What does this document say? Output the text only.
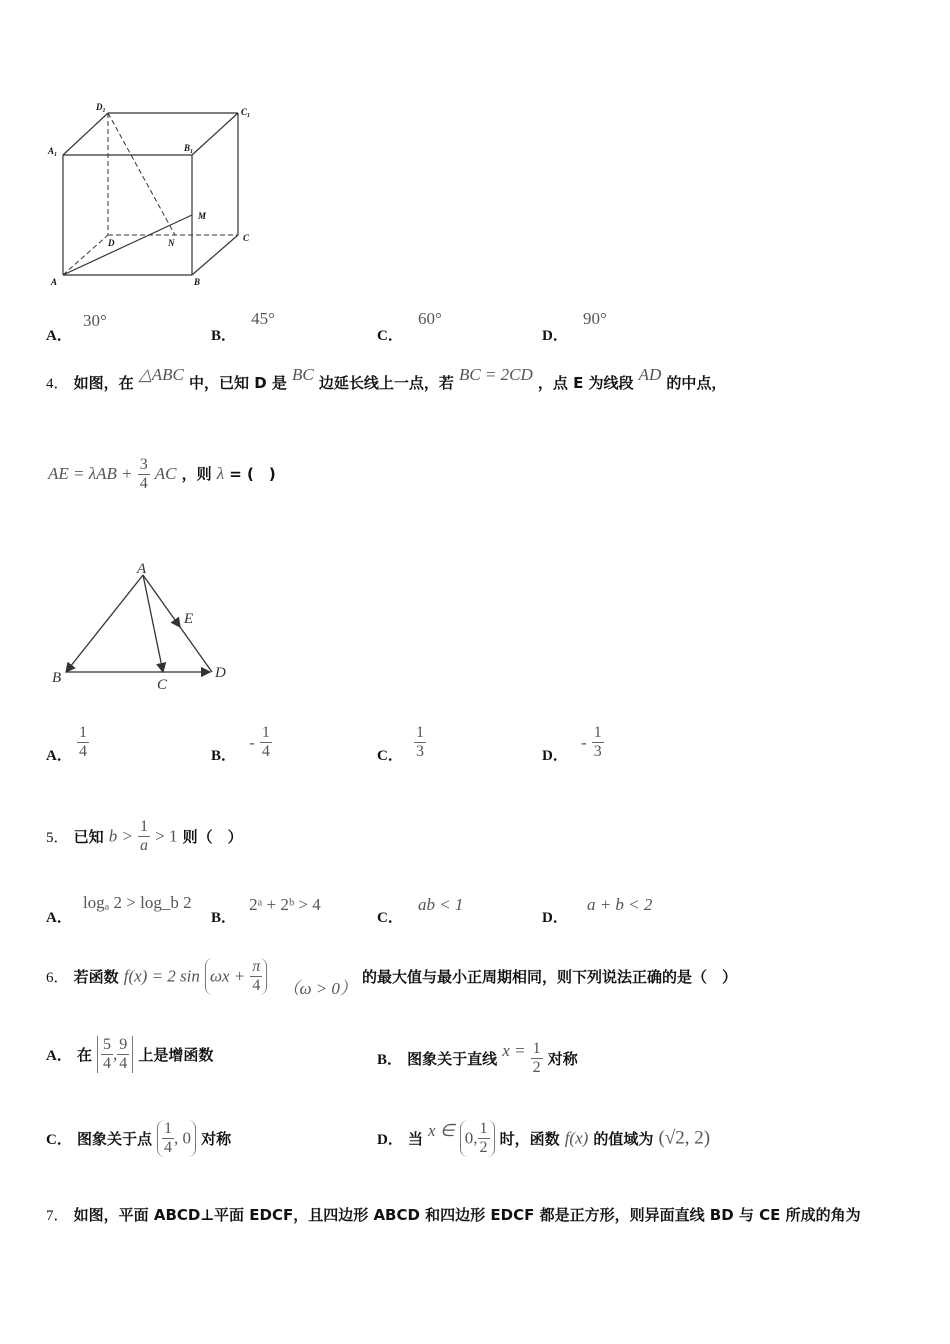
$D_1$	$C_1$
$A_1$
$B_1$
M
D	N	C
A	B
A． 30°
B． 45°
C． 60°
D． 90°
4． 如图，在 △ABC 中，已知 D 是 BC 边延长线上一点，若 BC = 2CD ，点 E 为线段 AD 的中点，
AE = $\lambda AB + \frac{3}{4}$ AC ，则 λ = (　)
A
E
B	C
D
A． $\frac{1}{4}$	B． - $\frac{1}{4}$	C． $\frac{1}{3}$	D． - $\frac{1}{3}$
5． 已知 $b > \frac{1}{a} > 1$ 则（　）
A． logₐ 2 > log_b 2
B． 2ᵃ + 2ᵇ > 4
C． ab < 1
D． a + b < 2
6． 若函数 f(x) = 2 $\sin \omega x + \frac{\pi}{4} (\omega > 0)$ 的最大值与最小正周期相同，则下列说法正确的是（　）
A． 在 $\frac{5}{4}$ , $\frac{9}{4}$ 上是增函数	B． 图象关于直线 $x = \frac{1}{2}$ 对称
C． 图象关于点 $\frac{1}{4}$ , 0 对称	D． 当 x ∈ 0, $\frac{1}{2}$ 时，函数 f(x) 的值域为 (√2, 2)
7． 如图，平面 ABCD⊥平面 EDCF，且四边形 ABCD 和四边形 EDCF 都是正方形，则异面直线 BD 与 CE 所成的角为
